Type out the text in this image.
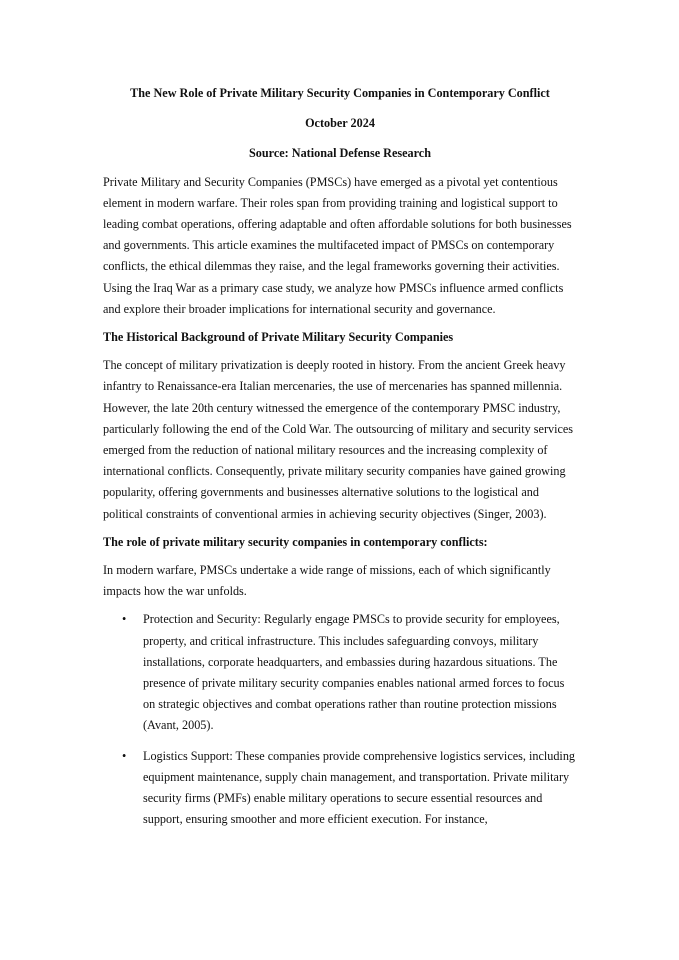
The New Role of Private Military Security Companies in Contemporary Conflict

October 2024

Source: National Defense Research

Private Military and Security Companies (PMSCs) have emerged as a pivotal yet contentious element in modern warfare. Their roles span from providing training and logistical support to leading combat operations, offering adaptable and often affordable solutions for both businesses and governments. This article examines the multifaceted impact of PMSCs on contemporary conflicts, the ethical dilemmas they raise, and the legal frameworks governing their activities. Using the Iraq War as a primary case study, we analyze how PMSCs influence armed conflicts and explore their broader implications for international security and governance.

The Historical Background of Private Military Security Companies

The concept of military privatization is deeply rooted in history. From the ancient Greek heavy infantry to Renaissance-era Italian mercenaries, the use of mercenaries has spanned millennia. However, the late 20th century witnessed the emergence of the contemporary PMSC industry, particularly following the end of the Cold War. The outsourcing of military and security services emerged from the reduction of national military resources and the increasing complexity of international conflicts. Consequently, private military security companies have gained growing popularity, offering governments and businesses alternative solutions to the logistical and political constraints of conventional armies in achieving security objectives (Singer, 2003).

The role of private military security companies in contemporary conflicts:

In modern warfare, PMSCs undertake a wide range of missions, each of which significantly impacts how the war unfolds.

• Protection and Security: Regularly engage PMSCs to provide security for employees, property, and critical infrastructure. This includes safeguarding convoys, military installations, corporate headquarters, and embassies during hazardous situations. The presence of private military security companies enables national armed forces to focus on strategic objectives and combat operations rather than routine protection missions (Avant, 2005).
• Logistics Support: These companies provide comprehensive logistics services, including equipment maintenance, supply chain management, and transportation. Private military security firms (PMFs) enable military operations to secure essential resources and support, ensuring smoother and more efficient execution. For instance,
